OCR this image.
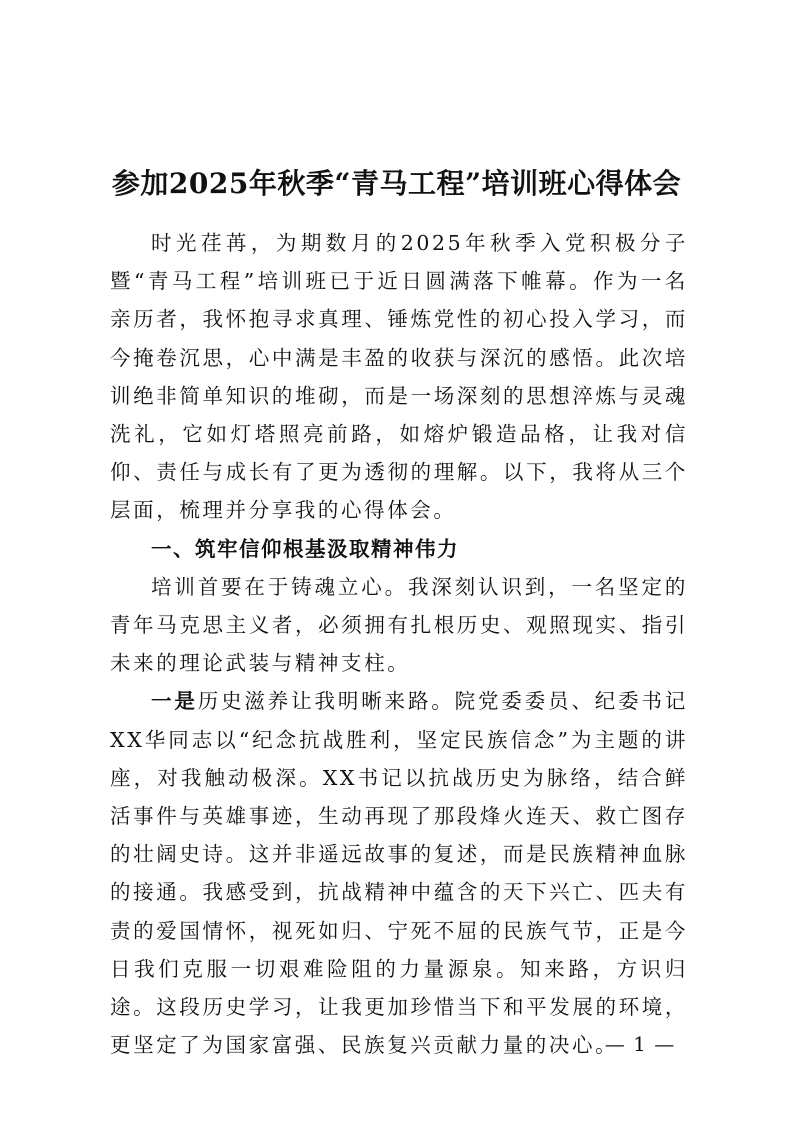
参加2025年秋季“青马工程”培训班心得体会

时光荏苒，为期数月的2025年秋季入党积极分子暨“青马工程”培训班已于近日圆满落下帷幕。作为一名亲历者，我怀抱寻求真理、锤炼党性的初心投入学习，而今掩卷沉思，心中满是丰盈的收获与深沉的感悟。此次培训绝非简单知识的堆砌，而是一场深刻的思想淬炼与灵魂洗礼，它如灯塔照亮前路，如熔炉锻造品格，让我对信仰、责任与成长有了更为透彻的理解。以下，我将从三个层面，梳理并分享我的心得体会。

一、筑牢信仰根基汲取精神伟力

培训首要在于铸魂立心。我深刻认识到，一名坚定的青年马克思主义者，必须拥有扎根历史、观照现实、指引未来的理论武装与精神支柱。

一是历史滋养让我明晰来路。院党委委员、纪委书记XX华同志以“纪念抗战胜利，坚定民族信念”为主题的讲座，对我触动极深。XX书记以抗战历史为脉络，结合鲜活事件与英雄事迹，生动再现了那段烽火连天、救亡图存的壮阔史诗。这并非遥远故事的复述，而是民族精神血脉的接通。我感受到，抗战精神中蕴含的天下兴亡、匹夫有责的爱国情怀，视死如归、宁死不屈的民族气节，正是今日我们克服一切艰难险阻的力量源泉。知来路，方识归途。这段历史学习，让我更加珍惜当下和平发展的环境，更坚定了为国家富强、民族复兴贡献力量的决心。

— 1 —
